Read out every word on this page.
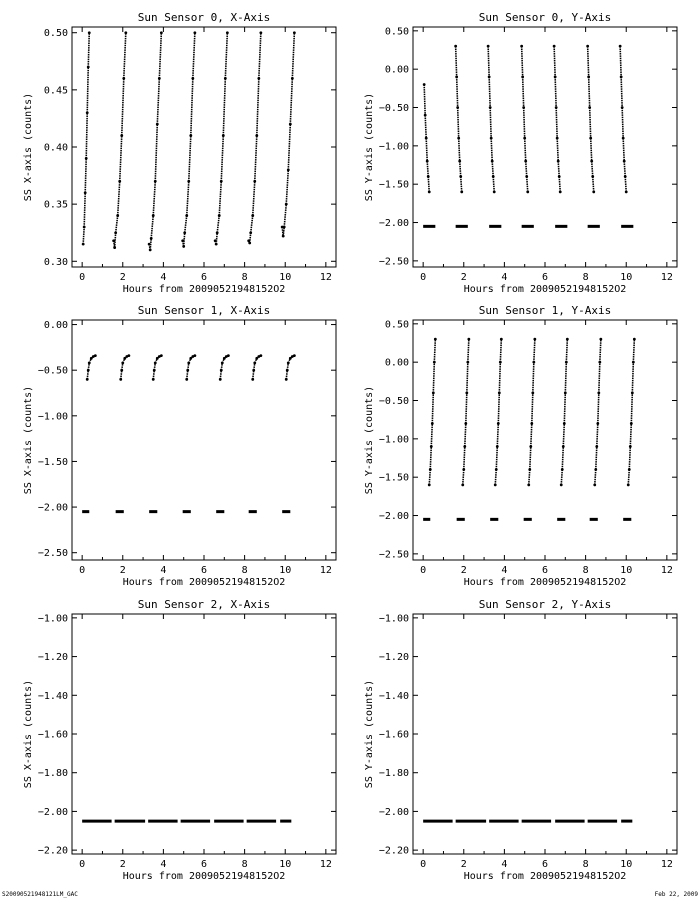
Sun Sensor 0, X-Axis
0	2	4	6	8	10	12
0.30
0.35
0.40
0.45
0.50
Hours from 20090521948152O2
SS X-axis (counts)
Sun Sensor 0, Y-Axis
0	2	4	6	8	10	12
−2.50
−2.00
−1.50
−1.00
−0.50
0.00
0.50
Hours from 20090521948152O2
SS Y-axis (counts)
Sun Sensor 1, X-Axis
0	2	4	6	8	10	12
−2.50
−2.00
−1.50
−1.00
−0.50
0.00
Hours from 20090521948152O2
SS X-axis (counts)
Sun Sensor 1, Y-Axis
0	2	4	6	8	10	12
−2.50
−2.00
−1.50
−1.00
−0.50
0.00
0.50
Hours from 20090521948152O2
SS Y-axis (counts)
Sun Sensor 2, X-Axis
0	2	4	6	8	10	12
−2.20
−2.00
−1.80
−1.60
−1.40
−1.20
−1.00
Hours from 20090521948152O2
SS X-axis (counts)
Sun Sensor 2, Y-Axis
0	2	4	6	8	10	12
−2.20
−2.00
−1.80
−1.60
−1.40
−1.20
−1.00
Hours from 20090521948152O2
SS Y-axis (counts)
S20090521948121LM_GAC	Feb 22, 2009
